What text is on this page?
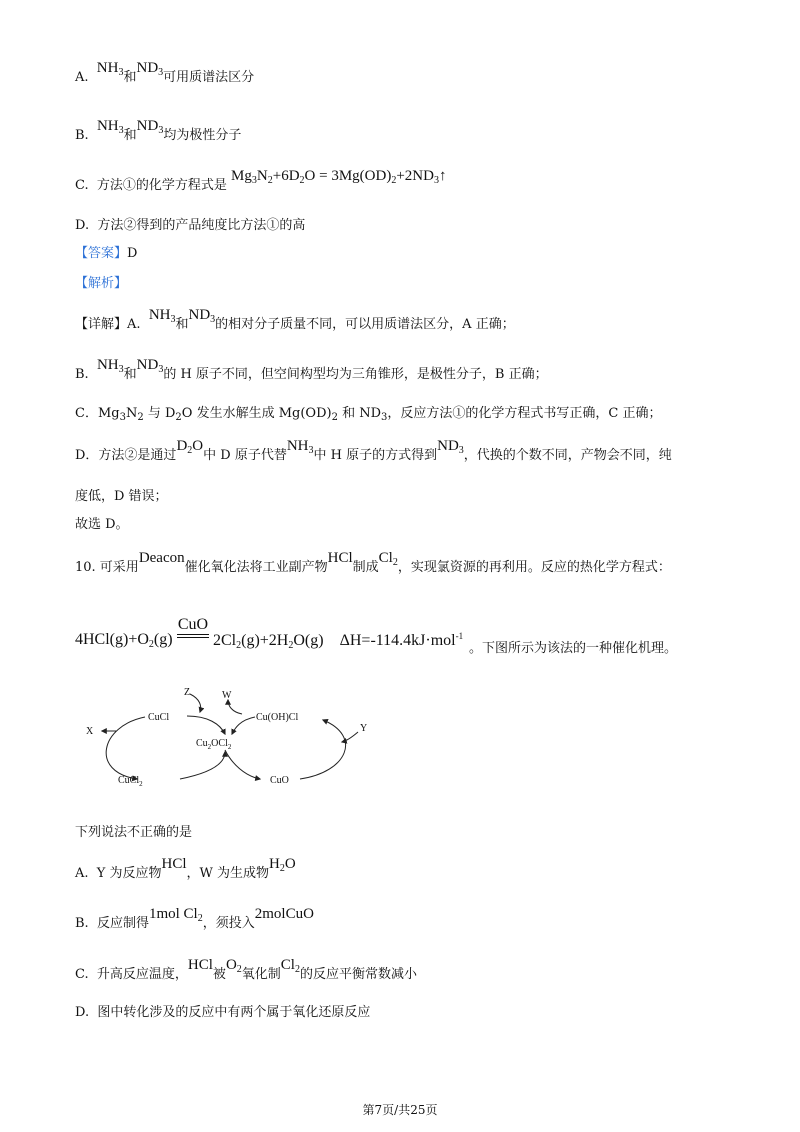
A.  $NH_3$和$ND_3$可用质谱法区分
B.  $NH_3$和$ND_3$均为极性分子
C. 方法①的化学方程式是 $Mg_3N_2+6D_2O$ = $3Mg(OD)_2+2ND_3↑$
D. 方法②得到的产品纯度比方法①的高
【答案】D
【解析】
【详解】A.  $NH_3$和$ND_3$的相对分子质量不同，可以用质谱法区分，A 正确；
B.  $NH_3$和$ND_3$的 H 原子不同，但空间构型均为三角锥形，是极性分子，B 正确；
C．$Mg_3N_2$ 与 $D_2O$ 发生水解生成 $Mg(OD)_2$ 和 $ND_3$，反应方法①的化学方程式书写正确，C 正确；
D．方法②是通过$D_2O$中 D 原子代替$NH_3$中 H 原子的方式得到$ND_3$，代换的个数不同，产物会不同，纯
度低，D 错误；
故选 D。
10. 可采用Deacon催化氧化法将工业副产物HCl制成$Cl_2$，实现氯资源的再利用。反应的热化学方程式：
$4HCl(g)+O_2(g)$
CuO
$2Cl_2(g)+2H_2O(g)$    ΔH=-114.4kJ·mol$^{-1}$
。下图所示为该法的一种催化机理。
CuCl	Cu(OH)Cl
$Cu_2OCl_2$
CuCl$_2$	CuO
X	Y
Z	W
下列说法不正确的是
A. Y 为反应物HCl，W 为生成物$H_2O$
B. 反应制得1mol $Cl_2$，须投入2molCuO
C. 升高反应温度，HCl被$O_2$氧化制$Cl_2$的反应平衡常数减小
D. 图中转化涉及的反应中有两个属于氧化还原反应
第7页/共25页
